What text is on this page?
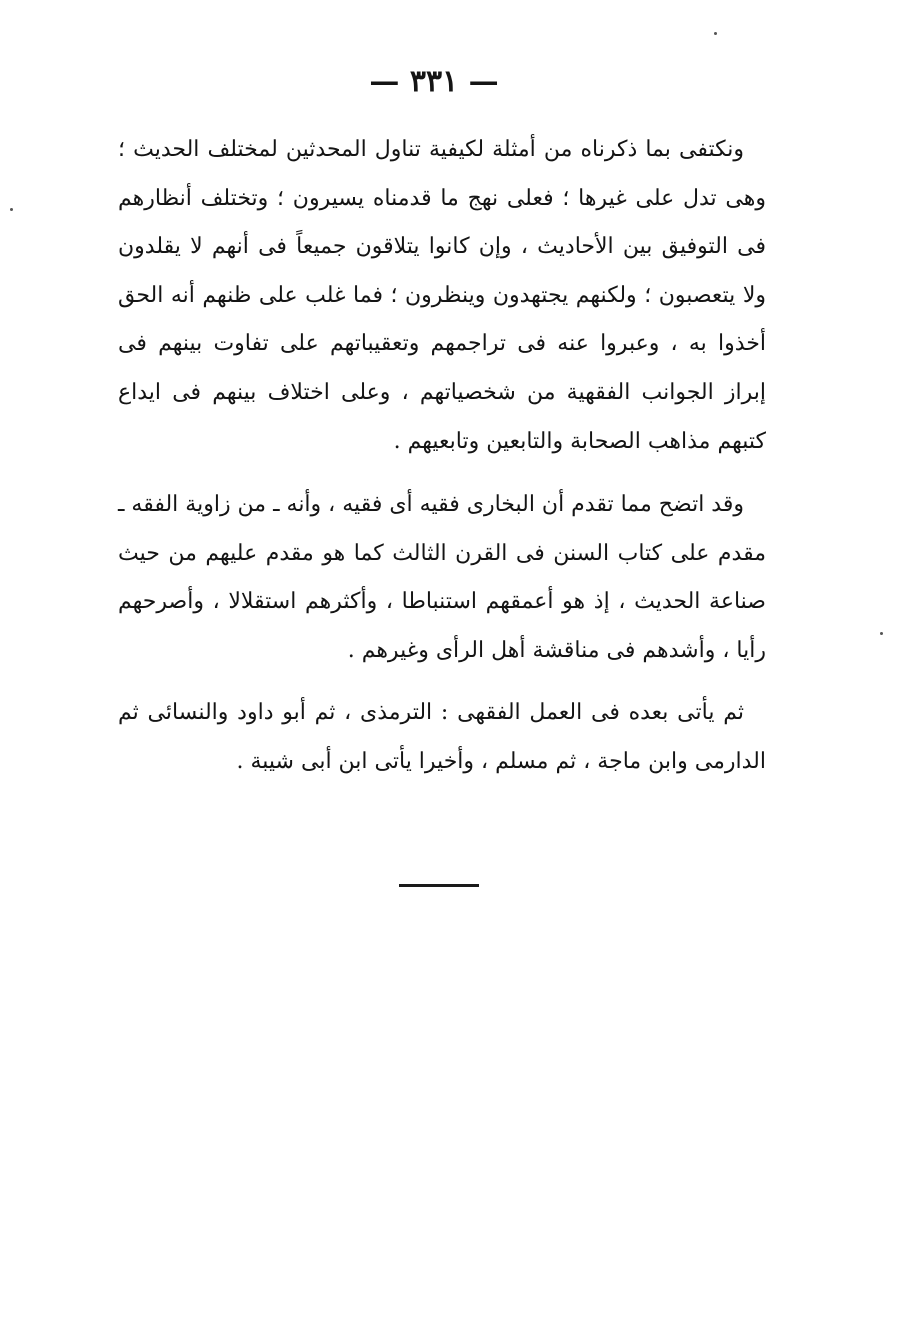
— ٣٣١ —

ونكتفى بما ذكرناه من أمثلة لكيفية تناول المحدثين لمختلف الحديث ؛ وهى تدل على غيرها ؛ فعلى نهج ما قدمناه يسيرون ؛ وتختلف أنظارهم فى التوفيق بين الأحاديث ، وإن كانوا يتلاقون جميعاً فى أنهم لا يقلدون ولا يتعصبون ؛ ولكنهم يجتهدون وينظرون ؛ فما غلب على ظنهم أنه الحق أخذوا به ، وعبروا عنه فى تراجمهم وتعقيباتهم على تفاوت بينهم فى إبراز الجوانب الفقهية من شخصياتهم ، وعلى اختلاف بينهم فى ايداع كتبهم مذاهب الصحابة والتابعين وتابعيهم .

وقد اتضح مما تقدم أن البخارى فقيه أى فقيه ، وأنه ـ من زاوية الفقه ـ مقدم على كتاب السنن فى القرن الثالث كما هو مقدم عليهم من حيث صناعة الحديث ، إذ هو أعمقهم استنباطا ، وأكثرهم استقلالا ، وأصرحهم رأيا ، وأشدهم فى مناقشة أهل الرأى وغيرهم .

ثم يأتى بعده فى العمل الفقهى : الترمذى ، ثم أبو داود والنسائى ثم الدارمى وابن ماجة ، ثم مسلم ، وأخيرا يأتى ابن أبى شيبة .
